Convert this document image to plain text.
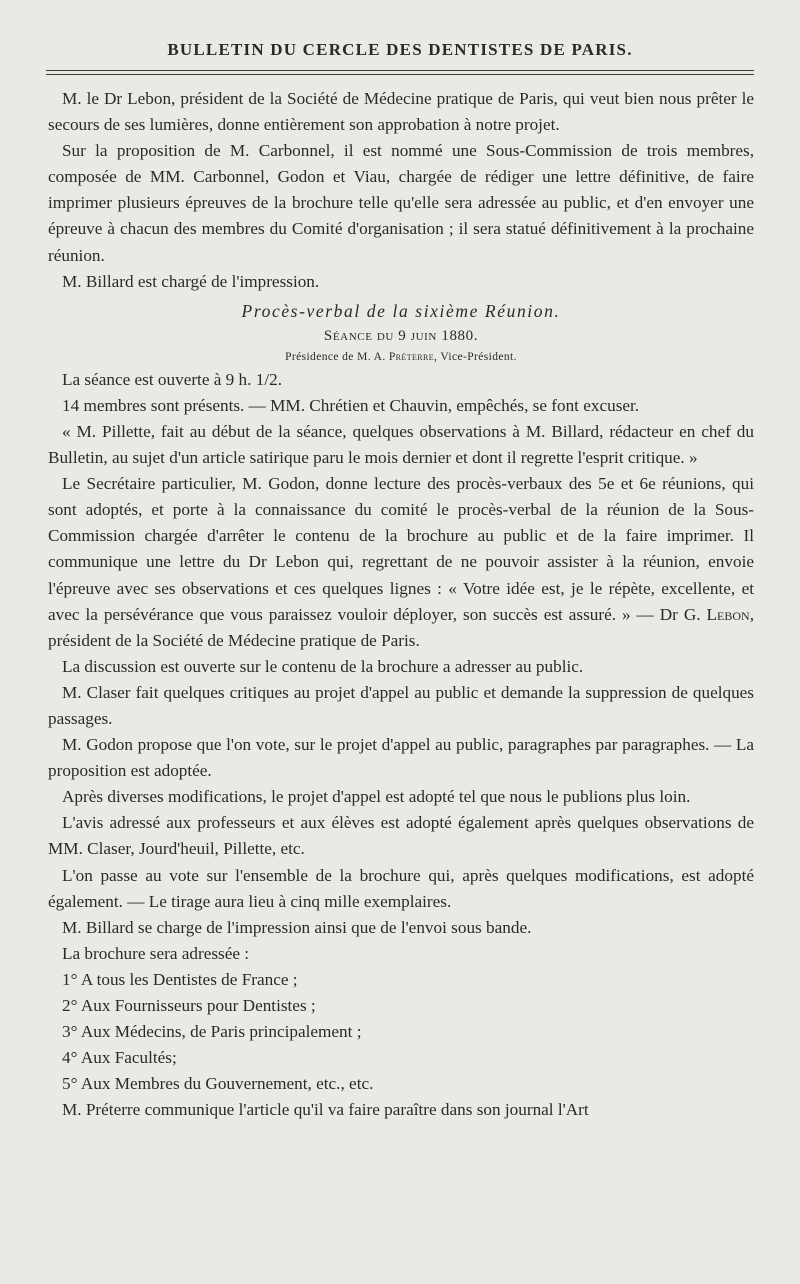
BULLETIN DU CERCLE DES DENTISTES DE PARIS.

M. le Dr Lebon, président de la Société de Médecine pratique de Paris, qui veut bien nous prêter le secours de ses lumières, donne entièrement son approbation à notre projet.

Sur la proposition de M. Carbonnel, il est nommé une Sous-Commission de trois membres, composée de MM. Carbonnel, Godon et Viau, chargée de rédiger une lettre définitive, de faire imprimer plusieurs épreuves de la brochure telle qu'elle sera adressée au public, et d'en envoyer une épreuve à chacun des membres du Comité d'organisation ; il sera statué définitivement à la prochaine réunion.

M. Billard est chargé de l'impression.

Procès-verbal de la sixième Réunion.

Séance du 9 juin 1880.

Présidence de M. A. Préterre, Vice-Président.

La séance est ouverte à 9 h. 1/2.

14 membres sont présents. — MM. Chrétien et Chauvin, empêchés, se font excuser.

« M. Pillette, fait au début de la séance, quelques observations à M. Billard, rédacteur en chef du Bulletin, au sujet d'un article satirique paru le mois dernier et dont il regrette l'esprit critique. »

Le Secrétaire particulier, M. Godon, donne lecture des procès-verbaux des 5e et 6e réunions, qui sont adoptés, et porte à la connaissance du comité le procès-verbal de la réunion de la Sous-Commission chargée d'arrêter le contenu de la brochure au public et de la faire imprimer. Il communique une lettre du Dr Lebon qui, regrettant de ne pouvoir assister à la réunion, envoie l'épreuve avec ses observations et ces quelques lignes : « Votre idée est, je le répète, excellente, et avec la persévérance que vous paraissez vouloir déployer, son succès est assuré. » — Dr G. Lebon, président de la Société de Médecine pratique de Paris.

La discussion est ouverte sur le contenu de la brochure a adresser au public.

M. Claser fait quelques critiques au projet d'appel au public et demande la suppression de quelques passages.

M. Godon propose que l'on vote, sur le projet d'appel au public, paragraphes par paragraphes. — La proposition est adoptée.

Après diverses modifications, le projet d'appel est adopté tel que nous le publions plus loin.

L'avis adressé aux professeurs et aux élèves est adopté également après quelques observations de MM. Claser, Jourd'heuil, Pillette, etc.

L'on passe au vote sur l'ensemble de la brochure qui, après quelques modifications, est adopté également. — Le tirage aura lieu à cinq mille exemplaires.

M. Billard se charge de l'impression ainsi que de l'envoi sous bande.

La brochure sera adressée :

1° A tous les Dentistes de France ;

2° Aux Fournisseurs pour Dentistes ;

3° Aux Médecins, de Paris principalement ;

4° Aux Facultés;

5° Aux Membres du Gouvernement, etc., etc.

M. Préterre communique l'article qu'il va faire paraître dans son journal l'Art
